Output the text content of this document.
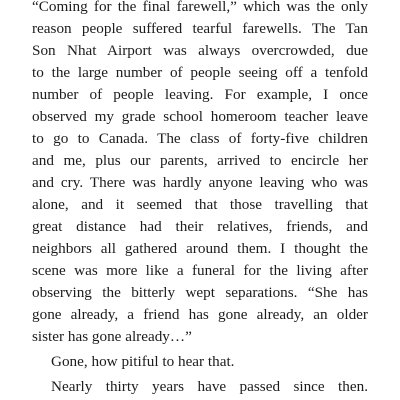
“Coming for the final farewell,” which was the only

reason people suffered tearful farewells. The Tan

Son Nhat Airport was always overcrowded, due

to the large number of people seeing off a tenfold

number of people leaving. For example, I once

observed my grade school homeroom teacher leave

to go to Canada. The class of forty-five children

and me, plus our parents, arrived to encircle her

and cry. There was hardly anyone leaving who was

alone, and it seemed that those travelling that

great distance had their relatives, friends, and

neighbors all gathered around them. I thought the

scene was more like a funeral for the living after

observing the bitterly wept separations. “She has

gone already, a friend has gone already, an older

sister has gone already…”

Gone, how pitiful to hear that.

Nearly thirty years have passed since then.
